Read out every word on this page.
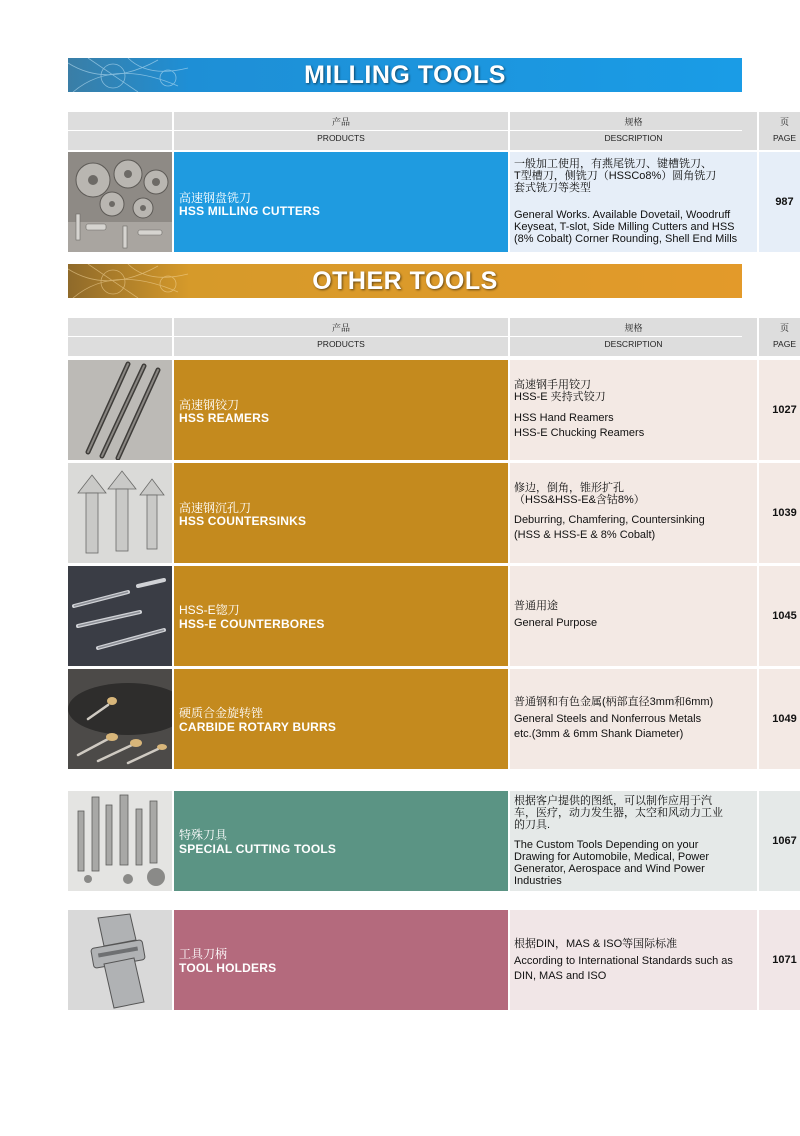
MILLING TOOLS
产品
PRODUCTS
规格
DESCRIPTION
页
PAGE
高速钢盘铣刀
HSS MILLING CUTTERS
一般加工使用，有燕尾铣刀、键槽铣刀、
T型槽刀，侧铣刀（HSSCo8%）圆角铣刀
套式铣刀等类型
General Works. Available Dovetail, Woodruff
Keyseat, T-slot, Side Milling Cutters and HSS
(8% Cobalt) Corner Rounding, Shell End Mills
987
OTHER TOOLS
产品
PRODUCTS
规格
DESCRIPTION
页
PAGE
高速钢铰刀
HSS REAMERS
高速钢手用铰刀
HSS-E 夹持式铰刀
HSS Hand Reamers
HSS-E Chucking Reamers
1027
高速钢沉孔刀
HSS COUNTERSINKS
修边，倒角，锥形扩孔
（HSS&HSS-E&含钴8%）
Deburring, Chamfering, Countersinking
(HSS & HSS-E & 8% Cobalt)
1039
HSS-E锪刀
HSS-E COUNTERBORES
普通用途
General Purpose
1045
硬质合金旋转锉
CARBIDE ROTARY BURRS
普通钢和有色金属(柄部直径3mm和6mm)
General Steels and Nonferrous Metals
etc.(3mm & 6mm Shank Diameter)
1049
特殊刀具
SPECIAL CUTTING TOOLS
根据客户提供的图纸，可以制作应用于汽
车，医疗，动力发生器，太空和风动力工业
的刀具.
The Custom Tools Depending on your
Drawing for Automobile, Medical, Power
Generator, Aerospace and Wind Power
Industries
1067
工具刀柄
TOOL HOLDERS
根据DIN，MAS & ISO等国际标准
According to International Standards such as
DIN, MAS and ISO
1071
